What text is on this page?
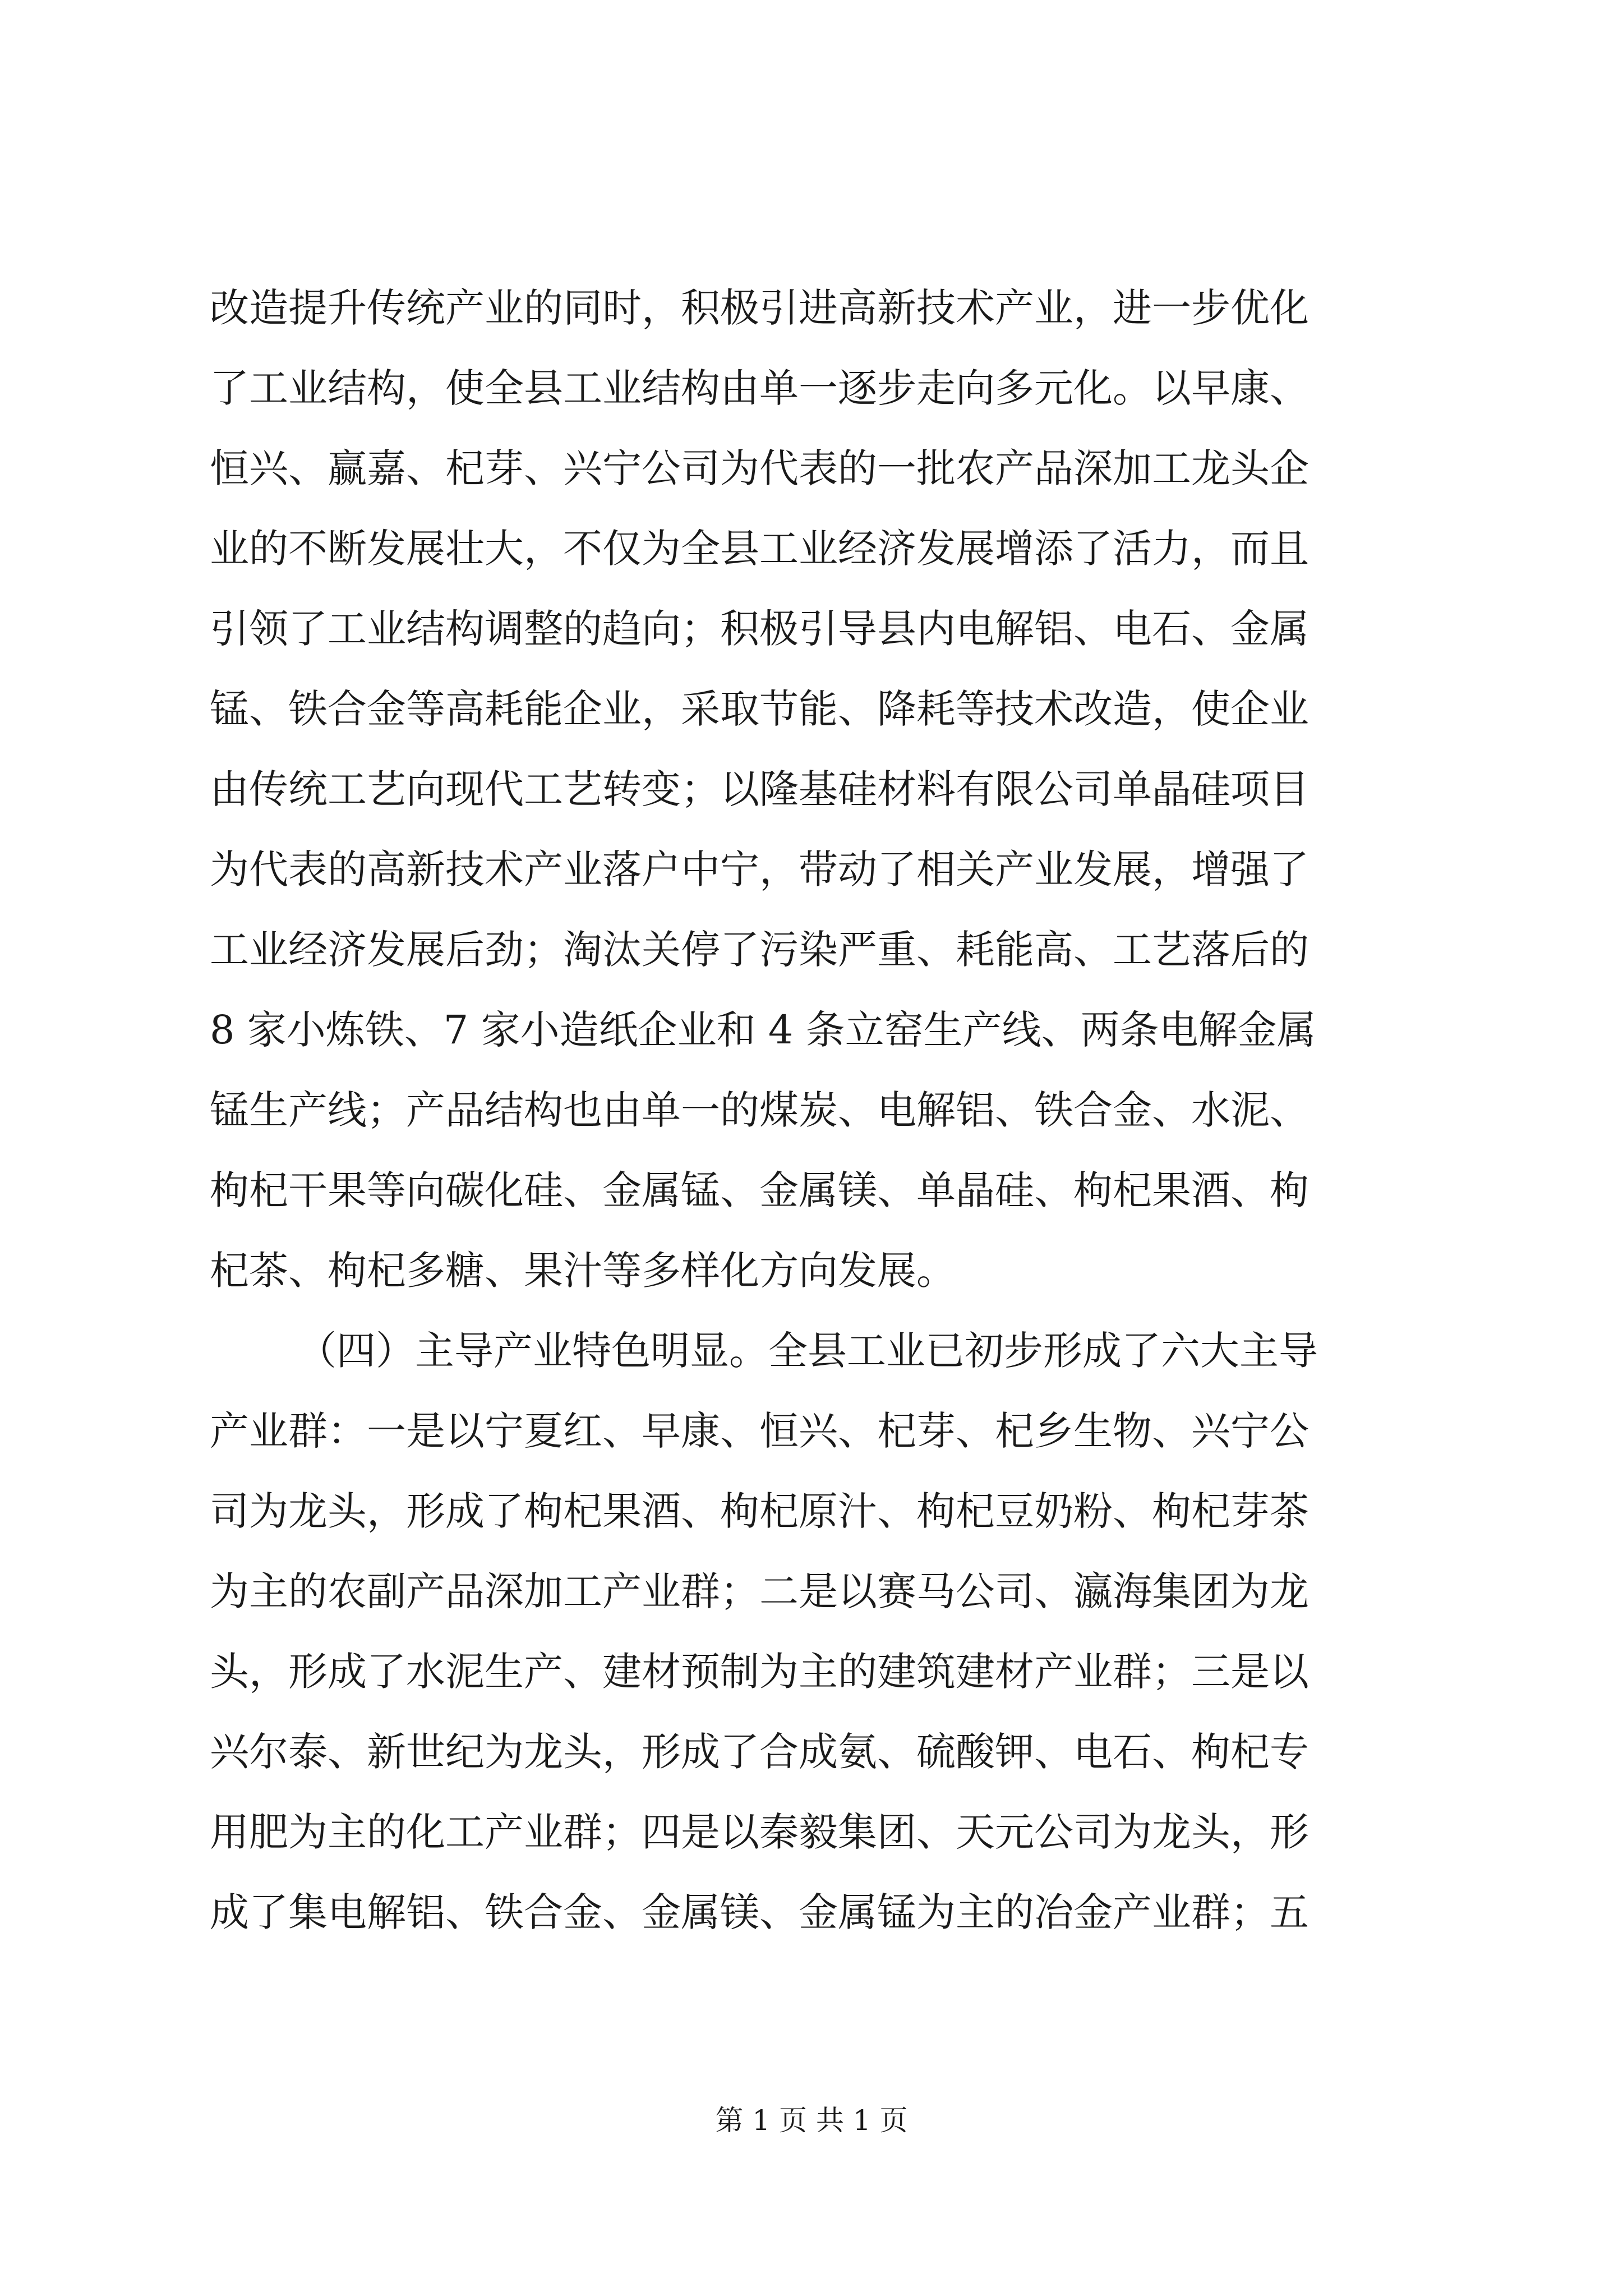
改造提升传统产业的同时，积极引进高新技术产业，进一步优化
了工业结构，使全县工业结构由单一逐步走向多元化。以早康、
恒兴、赢嘉、杞芽、兴宁公司为代表的一批农产品深加工龙头企
业的不断发展壮大，不仅为全县工业经济发展增添了活力，而且
引领了工业结构调整的趋向；积极引导县内电解铝、电石、金属
锰、铁合金等高耗能企业，采取节能、降耗等技术改造，使企业
由传统工艺向现代工艺转变；以隆基硅材料有限公司单晶硅项目
为代表的高新技术产业落户中宁，带动了相关产业发展，增强了
工业经济发展后劲；淘汰关停了污染严重、耗能高、工艺落后的
8 家小炼铁、7 家小造纸企业和 4 条立窑生产线、两条电解金属
锰生产线；产品结构也由单一的煤炭、电解铝、铁合金、水泥、
枸杞干果等向碳化硅、金属锰、金属镁、单晶硅、枸杞果酒、枸
杞茶、枸杞多糖、果汁等多样化方向发展。
（四）主导产业特色明显。全县工业已初步形成了六大主导
产业群：一是以宁夏红、早康、恒兴、杞芽、杞乡生物、兴宁公
司为龙头，形成了枸杞果酒、枸杞原汁、枸杞豆奶粉、枸杞芽茶
为主的农副产品深加工产业群；二是以赛马公司、瀛海集团为龙
头，形成了水泥生产、建材预制为主的建筑建材产业群；三是以
兴尔泰、新世纪为龙头，形成了合成氨、硫酸钾、电石、枸杞专
用肥为主的化工产业群；四是以秦毅集团、天元公司为龙头，形
成了集电解铝、铁合金、金属镁、金属锰为主的冶金产业群；五
第 1 页 共 1 页
